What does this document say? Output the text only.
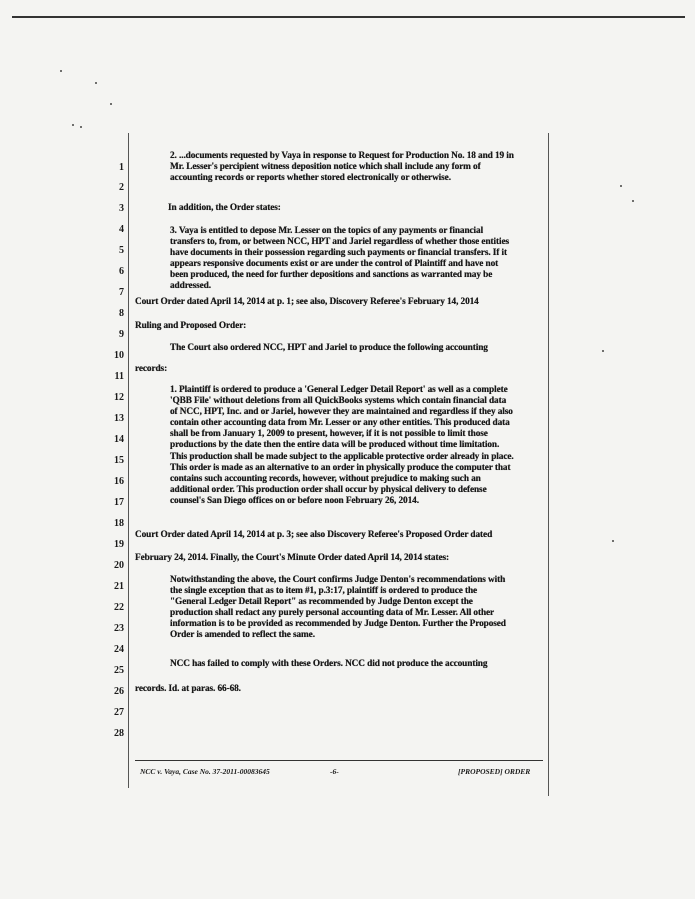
1
2
3
4
5
6
7
8
9
10
11
12
13
14
15
16
17
18
19
20
21
22
23
24
25
26
27
28

2. ...documents requested by Vaya in response to Request for Production No. 18 and 19 in Mr. Lesser's percipient witness deposition notice which shall include any form of accounting records or reports whether stored electronically or otherwise.

In addition, the Order states:

3. Vaya is entitled to depose Mr. Lesser on the topics of any payments or financial transfers to, from, or between NCC, HPT and Jariel regardless of whether those entities have documents in their possession regarding such payments or financial transfers. If it appears responsive documents exist or are under the control of Plaintiff and have not been produced, the need for further depositions and sanctions as warranted may be addressed.

Court Order dated April 14, 2014 at p. 1; see also, Discovery Referee's February 14, 2014
Ruling and Proposed Order:
The Court also ordered NCC, HPT and Jariel to produce the following accounting
records:

1. Plaintiff is ordered to produce a 'General Ledger Detail Report' as well as a complete 'QBB File' without deletions from all QuickBooks systems which contain financial data of NCC, HPT, Inc. and or Jariel, however they are maintained and regardless if they also contain other accounting data from Mr. Lesser or any other entities. This produced data shall be from January 1, 2009 to present, however, if it is not possible to limit those productions by the date then the entire data will be produced without time limitation. This production shall be made subject to the applicable protective order already in place. This order is made as an alternative to an order in physically produce the computer that contains such accounting records, however, without prejudice to making such an additional order. This production order shall occur by physical delivery to defense counsel's San Diego offices on or before noon February 26, 2014.

Court Order dated April 14, 2014 at p. 3; see also Discovery Referee's Proposed Order dated
February 24, 2014. Finally, the Court's Minute Order dated April 14, 2014 states:

Notwithstanding the above, the Court confirms Judge Denton's recommendations with the single exception that as to item #1, p.3:17, plaintiff is ordered to produce the "General Ledger Detail Report" as recommended by Judge Denton except the production shall redact any purely personal accounting data of Mr. Lesser. All other information is to be provided as recommended by Judge Denton. Further the Proposed Order is amended to reflect the same.

NCC has failed to comply with these Orders. NCC did not produce the accounting
records. Id. at paras. 66-68.
NCC v. Vaya, Case No. 37-2011-00083645	-6-	[PROPOSED] ORDER
